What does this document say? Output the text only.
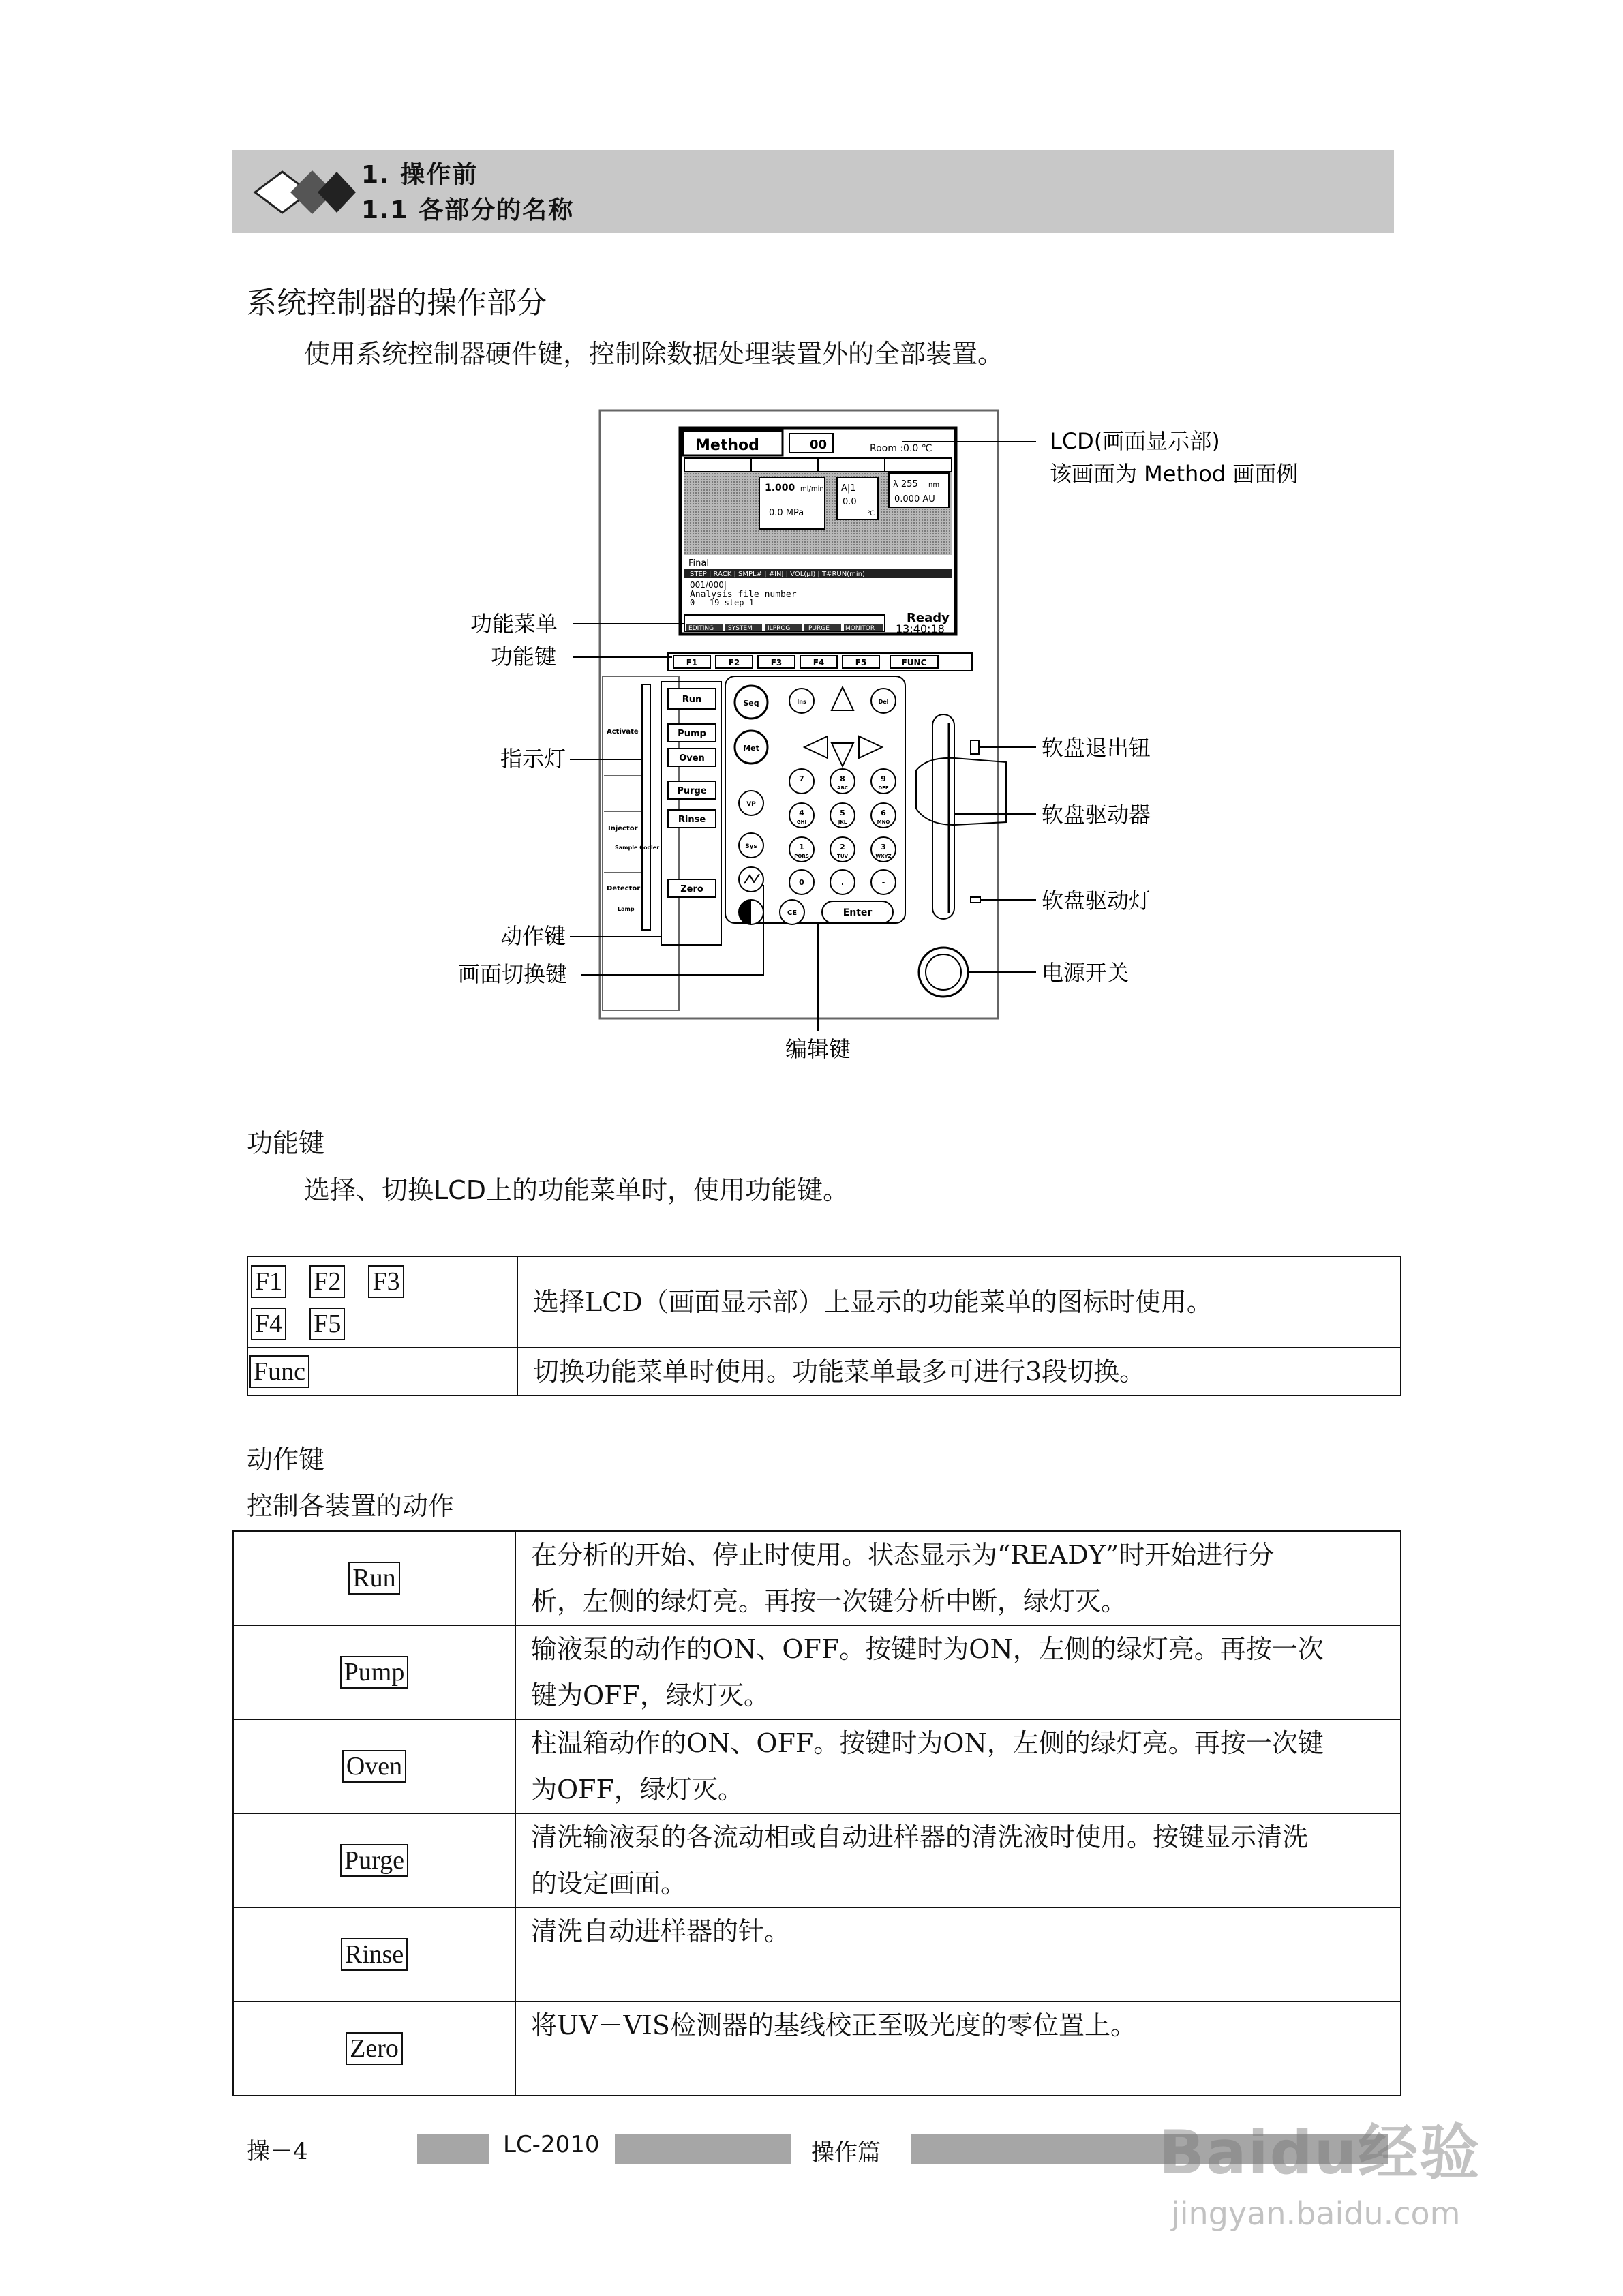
1. 操作前
1.1 各部分的名称
系统控制器的操作部分
使用系统控制器硬件键，控制除数据处理装置外的全部装置。
Method	00	Room :0.0 ℃
1.000 ml/min
0.0 MPa
A|1
0.0
℃
λ 255 nm
0.000 AU
Final
STEP | RACK | SMPL# | #INJ | VOL(μl) | T#RUN(min)
001/000|
Analysis file number
0 - 19 step 1
EDITING SYSTEM ILPROG	PURGE	MONITOR
Ready
13:40:18
F1	F2	F3	F4	F5	FUNC
Activate
Injector
Sample Cooler
Detector
Lamp
Run
Pump
Oven
Purge
Rinse
Zero
Seq
Met
VP
Sys
Ins	Del
7	8
ABC
9
DEF
4
GHI
5
JKL
6
MNO
1
PQRS
2
TUV
3
WXYZ
0	.	-
CE	Enter
LCD(画面显示部)
该画面为 Method 画面例
功能菜单
功能键
指示灯
动作键
画面切换键
编辑键
软盘退出钮
软盘驱动器
软盘驱动灯
电源开关
功能键
选择、切换LCD上的功能菜单时，使用功能键。
F1 F2 F3
F4 F5	选择LCD（画面显示部）上显示的功能菜单的图标时使用。
Func	切换功能菜单时使用。功能菜单最多可进行3段切换。
动作键
控制各装置的动作
Run	在分析的开始、停止时使用。状态显示为“READY”时开始进行分
析，左侧的绿灯亮。再按一次键分析中断，绿灯灭。

Pump	输液泵的动作的ON、OFF。按键时为ON，左侧的绿灯亮。再按一次
键为OFF，绿灯灭。

Oven	柱温箱动作的ON、OFF。按键时为ON，左侧的绿灯亮。再按一次键
为OFF，绿灯灭。

Purge	清洗输液泵的各流动相或自动进样器的清洗液时使用。按键显示清洗
的设定画面。

Rinse	清洗自动进样器的针。

Zero	将UV－VIS检测器的基线校正至吸光度的零位置上。
操－4	LC-2010	操作篇	Baidu经验
jingyan.baidu.com
